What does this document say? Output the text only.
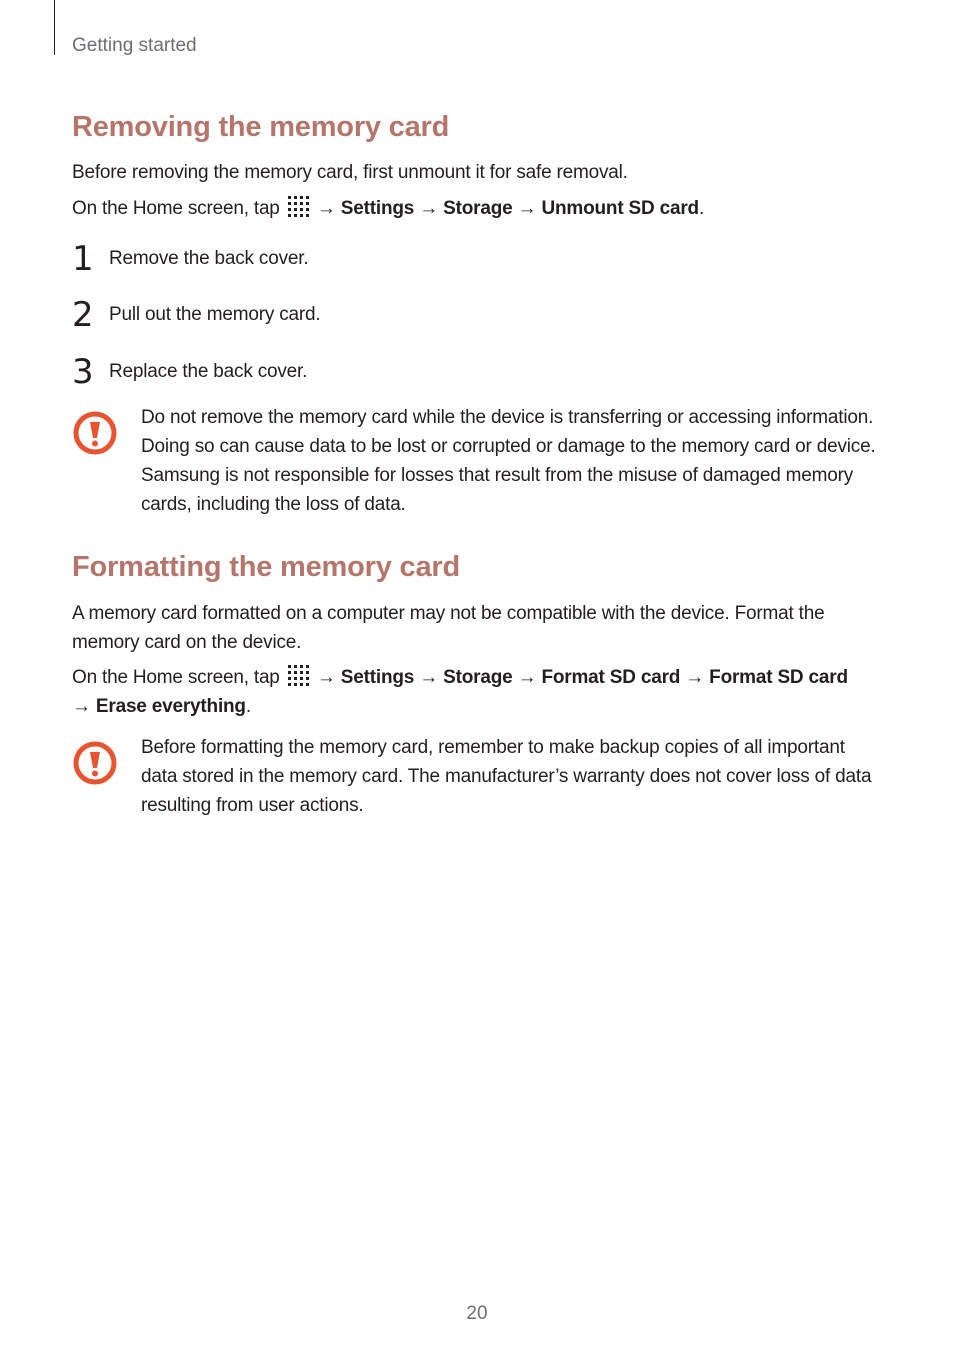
Getting started
Removing the memory card
Before removing the memory card, first unmount it for safe removal.
On the Home screen, tap → Settings → Storage → Unmount SD card.
1 Remove the back cover.
2 Pull out the memory card.
3 Replace the back cover.
Do not remove the memory card while the device is transferring or accessing information. Doing so can cause data to be lost or corrupted or damage to the memory card or device. Samsung is not responsible for losses that result from the misuse of damaged memory cards, including the loss of data.
Formatting the memory card
A memory card formatted on a computer may not be compatible with the device. Format the memory card on the device.
On the Home screen, tap → Settings → Storage → Format SD card → Format SD card
→ Erase everything.
Before formatting the memory card, remember to make backup copies of all important data stored in the memory card. The manufacturer’s warranty does not cover loss of data resulting from user actions.
20
